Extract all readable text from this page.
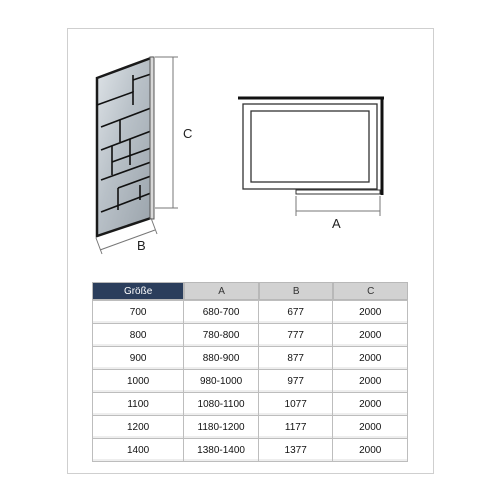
C
B
A
Größe	A	B	C
700	680-700	677	2000
800	780-800	777	2000
900	880-900	877	2000
1000	980-1000	977	2000
1100	1080-1100	1077	2000
1200	1180-1200	1177	2000
1400	1380-1400	1377	2000
